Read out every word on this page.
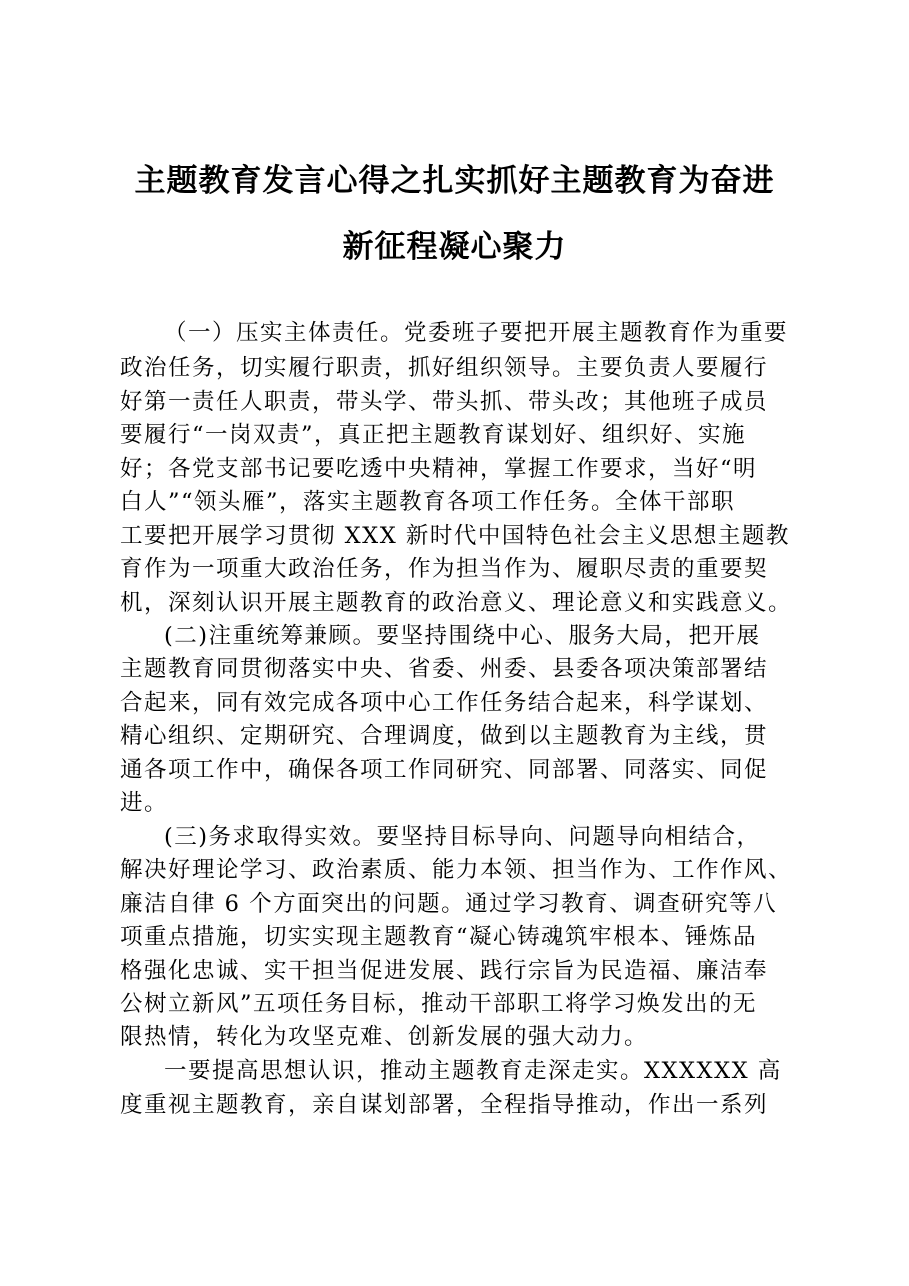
主题教育发言心得之扎实抓好主题教育为奋进
新征程凝心聚力
（一）压实主体责任。党委班子要把开展主题教育作为重要
政治任务，切实履行职责，抓好组织领导。主要负责人要履行
好第一责任人职责，带头学、带头抓、带头改；其他班子成员
要履行“一岗双责”，真正把主题教育谋划好、组织好、实施
好；各党支部书记要吃透中央精神，掌握工作要求，当好“明
白人”“领头雁”，落实主题教育各项工作任务。全体干部职
工要把开展学习贯彻 XXX 新时代中国特色社会主义思想主题教
育作为一项重大政治任务，作为担当作为、履职尽责的重要契
机，深刻认识开展主题教育的政治意义、理论意义和实践意义。
(二)注重统筹兼顾。要坚持围绕中心、服务大局，把开展
主题教育同贯彻落实中央、省委、州委、县委各项决策部署结
合起来，同有效完成各项中心工作任务结合起来，科学谋划、
精心组织、定期研究、合理调度，做到以主题教育为主线，贯
通各项工作中，确保各项工作同研究、同部署、同落实、同促
进。
(三)务求取得实效。要坚持目标导向、问题导向相结合，
解决好理论学习、政治素质、能力本领、担当作为、工作作风、
廉洁自律 6 个方面突出的问题。通过学习教育、调查研究等八
项重点措施，切实实现主题教育“凝心铸魂筑牢根本、锤炼品
格强化忠诚、实干担当促进发展、践行宗旨为民造福、廉洁奉
公树立新风”五项任务目标，推动干部职工将学习焕发出的无
限热情，转化为攻坚克难、创新发展的强大动力。
一要提高思想认识，推动主题教育走深走实。XXXXXX 高
度重视主题教育，亲自谋划部署，全程指导推动，作出一系列
